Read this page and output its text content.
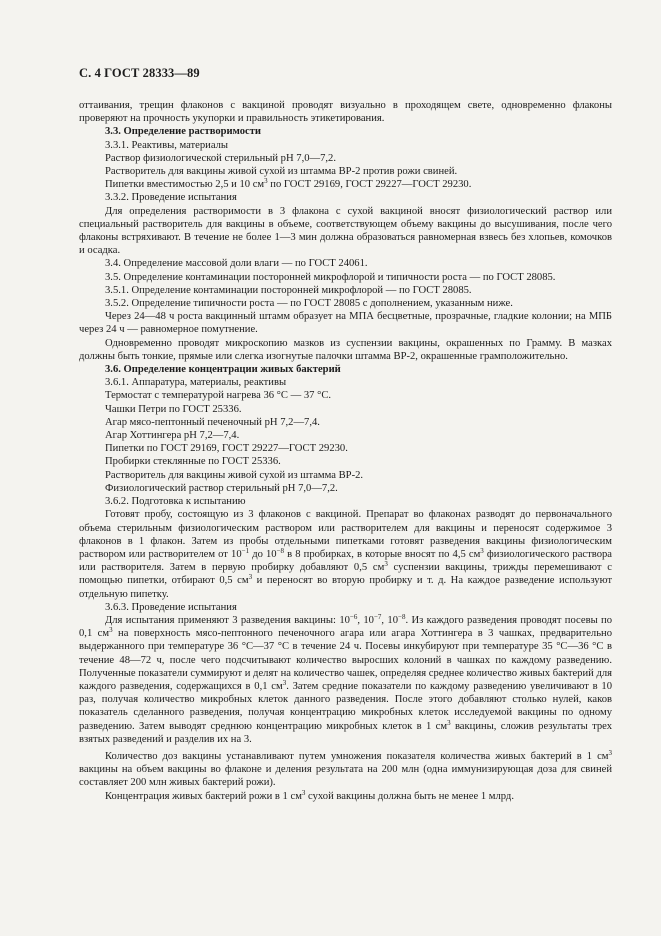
С. 4 ГОСТ 28333—89

оттаивания, трещин флаконов с вакциной проводят визуально в проходящем свете, одновременно флаконы проверяют на прочность укупорки и правильность этикетирования.

3.3. Определение растворимости

3.3.1. Реактивы, материалы

Раствор физиологической стерильный рН 7,0—7,2.

Растворитель для вакцины живой сухой из штамма ВР-2 против рожи свиней.

Пипетки вместимостью 2,5 и 10 $см^3$ по ГОСТ 29169, ГОСТ 29227—ГОСТ 29230.

3.3.2. Проведение испытания

Для определения растворимости в 3 флакона с сухой вакциной вносят физиологический раствор или специальный растворитель для вакцины в объеме, соответствующем объему вакцины до высушивания, после чего флаконы встряхивают. В течение не более 1—3 мин должна образоваться равномерная взвесь без хлопьев, комочков и осадка.

3.4. Определение массовой доли влаги — по ГОСТ 24061.

3.5. Определение контаминации посторонней микрофлорой и типичности роста — по ГОСТ 28085.

3.5.1. Определение контаминации посторонней микрофлорой — по ГОСТ 28085.

3.5.2. Определение типичности роста — по ГОСТ 28085 с дополнением, указанным ниже.

Через 24—48 ч роста вакцинный штамм образует на МПА бесцветные, прозрачные, гладкие колонии; на МПБ через 24 ч — равномерное помутнение.

Одновременно проводят микроскопию мазков из суспензии вакцины, окрашенных по Грамму. В мазках должны быть тонкие, прямые или слегка изогнутые палочки штамма ВР-2, окрашенные грамположительно.

3.6. Определение концентрации живых бактерий

3.6.1. Аппаратура, материалы, реактивы

Термостат с температурой нагрева 36 °С — 37 °С.

Чашки Петри по ГОСТ 25336.

Агар мясо-пептонный печеночный рН 7,2—7,4.

Агар Хоттингера рН 7,2—7,4.

Пипетки по ГОСТ 29169, ГОСТ 29227—ГОСТ 29230.

Пробирки стеклянные по ГОСТ 25336.

Растворитель для вакцины живой сухой из штамма ВР-2.

Физиологический раствор стерильный рН 7,0—7,2.

3.6.2. Подготовка к испытанию

Готовят пробу, состоящую из 3 флаконов с вакциной. Препарат во флаконах разводят до первоначального объема стерильным физиологическим раствором или растворителем для вакцины и переносят содержимое 3 флаконов в 1 флакон. Затем из пробы отдельными пипетками готовят разведения вакцины физиологическим раствором или растворителем от $10^{-1}$ до $10^{-8}$ в 8 пробирках, в которые вносят по 4,5 $см^3$ физиологического раствора или растворителя. Затем в первую пробирку добавляют 0,5 $см^3$ суспензии вакцины, трижды перемешивают с помощью пипетки, отбирают 0,5 $см^3$ и переносят во вторую пробирку и т. д. На каждое разведение используют отдельную пипетку.

3.6.3. Проведение испытания

Для испытания применяют 3 разведения вакцины: $10^{-6}$, $10^{-7}$, $10^{-8}$. Из каждого разведения проводят посевы по 0,1 $см^3$ на поверхность мясо-пептонного печеночного агара или агара Хоттингера в 3 чашках, предварительно выдержанного при температуре 36 °С—37 °С в течение 24 ч. Посевы инкубируют при температуре 35 °С—36 °С в течение 48—72 ч, после чего подсчитывают количество выросших колоний в чашках по каждому разведению. Полученные показатели суммируют и делят на количество чашек, определяя среднее количество живых бактерий для каждого разведения, содержащихся в 0,1 $см^3$. Затем средние показатели по каждому разведению увеличивают в 10 раз, получая количество микробных клеток данного разведения. После этого добавляют столько нулей, каков показатель сделанного разведения, получая концентрацию микробных клеток исследуемой вакцины по одному разведению. Затем выводят среднюю концентрацию микробных клеток в 1 $см^3$ вакцины, сложив результаты трех взятых разведений и разделив их на 3.

Количество доз вакцины устанавливают путем умножения показателя количества живых бактерий в 1 $см^3$ вакцины на объем вакцины во флаконе и деления результата на 200 млн (одна иммунизирующая доза для свиней составляет 200 млн живых бактерий рожи).

Концентрация живых бактерий рожи в 1 $см^3$ сухой вакцины должна быть не менее 1 млрд.
